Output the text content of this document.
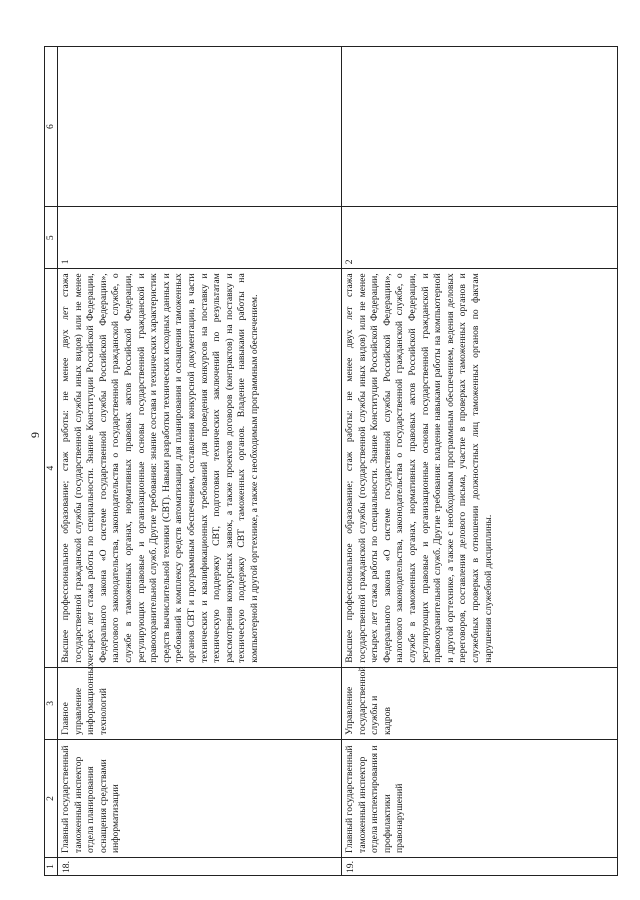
9
1	2	3	4	5	6
18.	Главный государственный таможенный инспектор отдела планирования оснащения средствами информатизации	Главное управление информационных технологий	Высшее профессиональное образование; стаж работы: не менее двух лет стажа государственной гражданской службы (государственной службы иных видов) или не менее четырех лет стажа работы по специальности. Знание Конституции Российской Федерации, Федерального закона «О системе государственной службы Российской Федерации», налогового законодательства, законодательства о государственной гражданской службе, о службе в таможенных органах, нормативных правовых актов Российской Федерации, регулирующих правовые и организационные основы государственной гражданской и правоохранительной служб. Другие требования: знание состава и технических характеристик средств вычислительной техники (СВТ). Навыки разработки технических исходных данных и требований к комплексу средств автоматизации для планирования и оснащения таможенных органов СВТ и программным обеспечением, составления конкурсной документации, в части технических и квалификационных требований для проведения конкурсов на поставку и техническую поддержку СВТ, подготовки технических заключений по результатам рассмотрения конкурсных заявок, а также проектов договоров (контрактов) на поставку и техническую поддержку СВТ таможенных органов. Владение навыками работы на компьютерной и другой оргтехнике, а также с необходимым программным обеспечением.	1	
19.	Главный государственный таможенный инспектор отдела инспектирования и профилактики правонарушений	Управление государственной службы и кадров	Высшее профессиональное образование; стаж работы: не менее двух лет стажа государственной гражданской службы (государственной службы иных видов) или не менее четырех лет стажа работы по специальности. Знание Конституции Российской Федерации, Федерального закона «О системе государственной службы Российской Федерации», налогового законодательства, законодательства о государственной гражданской службе, о службе в таможенных органах, нормативных правовых актов Российской Федерации, регулирующих правовые и организационные основы государственной гражданской и правоохранительной служб. Другие требования: владение навыками работы на компьютерной и другой оргтехнике, а также с необходимым программным обеспечением, ведения деловых переговоров, составления делового письма, участие в проверках таможенных органов и служебных проверках в отношении должностных лиц таможенных органов по фактам нарушения служебной дисциплины.	2	
